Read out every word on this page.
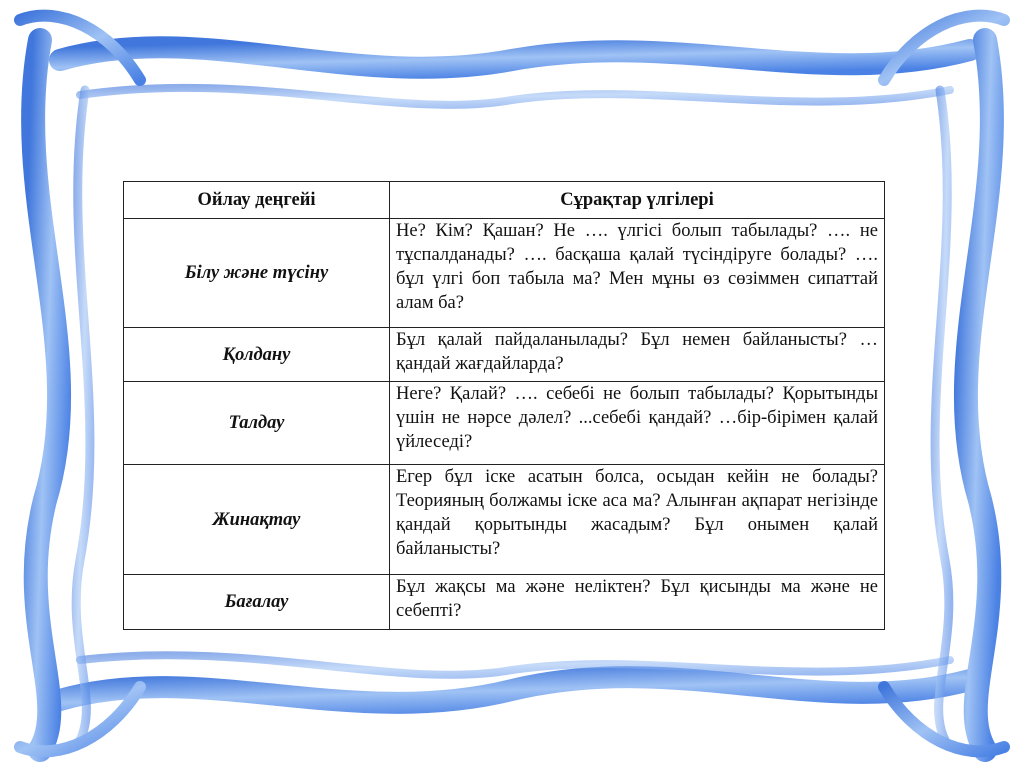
Ойлау деңгейі	Сұрақтар үлгілері
Білу және түсіну	Не? Кім? Қашан? Не …. үлгісі болып табылады? …. не тұспалданады? …. басқаша қалай түсіндіруге болады? …. бұл үлгі боп табыла ма? Мен мұны өз сөзіммен сипаттай алам ба?
Қолдану	Бұл қалай пайдаланылады? Бұл немен байланысты? … қандай жағдайларда?
Талдау	Неге? Қалай? …. себебі не болып табылады? Қорытынды үшін не нәрсе дәлел? ...себебі қандай? …бір-бірімен қалай үйлеседі?
Жинақтау	Егер бұл іске асатын болса, осыдан кейін не болады? Теорияның болжамы іске аса ма? Алынған ақпарат негізінде қандай қорытынды жасадым? Бұл онымен қалай байланысты?
Бағалау	Бұл жақсы ма және неліктен? Бұл қисынды ма және не себепті?
